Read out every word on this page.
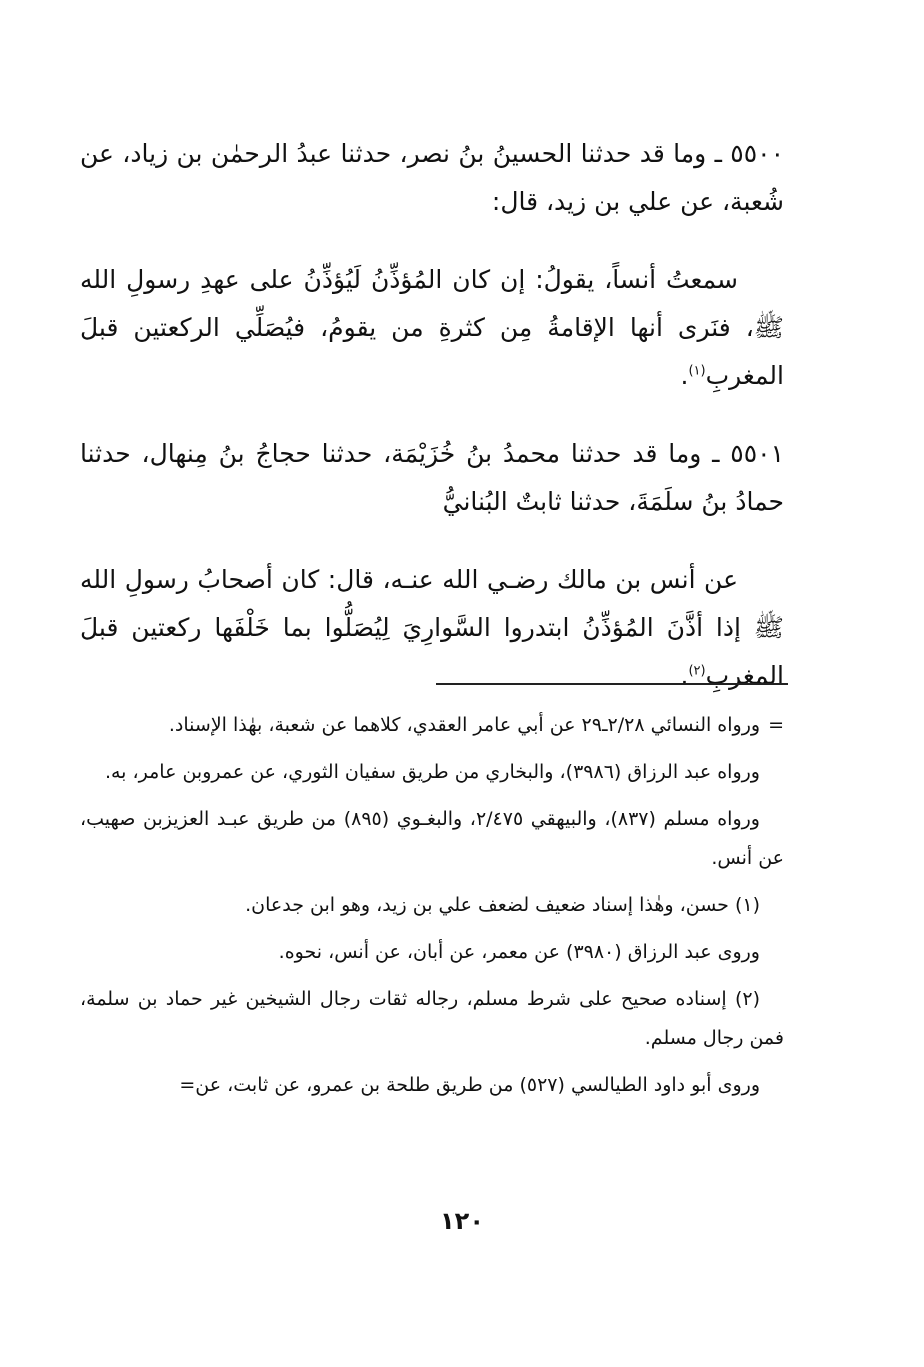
٥٥٠٠ ـ وما قد حدثنا الحسينُ بنُ نصر، حدثنا عبدُ الرحمٰن بن زياد، عن شُعبة، عن علي بن زيد، قال:

سمعتُ أنساً، يقولُ: إن كان المُؤذِّنُ لَيُؤذِّنُ على عهدِ رسولِ الله ﷺ، فنَرى أنها الإقامةُ مِن كثرةِ من يقومُ، فيُصَلِّي الركعتين قبلَ المغربِ$^{(١)}$.

٥٥٠١ ـ وما قد حدثنا محمدُ بنُ خُزَيْمَة، حدثنا حجاجُ بنُ مِنهال، حدثنا حمادُ بنُ سلَمَةَ، حدثنا ثابتٌ البُنانيُّ

عن أنس بن مالك رضـي الله عنـه، قال: كان أصحابُ رسولِ الله ﷺ إذا أذَّنَ المُؤذِّنُ ابتدروا السَّوارِيَ لِيُصَلُّوا بما خَلْفَها ركعتين قبلَ المغربِ$^{(٢)}$.

=ورواه النسائي ٢/٢٨ـ٢٩ عن أبي عامر العقدي، كلاهما عن شعبة، بهٰذا الإسناد.

ورواه عبد الرزاق (٣٩٨٦)، والبخاري من طريق سفيان الثوري، عن عمروبن عامر، به.

ورواه مسلم (٨٣٧)، والبيهقي ٢/٤٧٥، والبغـوي (٨٩٥) من طريق عبـد العزيزبن صهيب، عن أنس.

(١) حسن، وهٰذا إسناد ضعيف لضعف علي بن زيد، وهو ابن جدعان.

وروى عبد الرزاق (٣٩٨٠) عن معمر، عن أبان، عن أنس، نحوه.

(٢) إسناده صحيح على شرط مسلم، رجاله ثقات رجال الشيخين غير حماد بن سلمة، فمن رجال مسلم.

وروى أبو داود الطيالسي (٥٢٧) من طريق طلحة بن عمرو، عن ثابت، عن=

١٢٠
